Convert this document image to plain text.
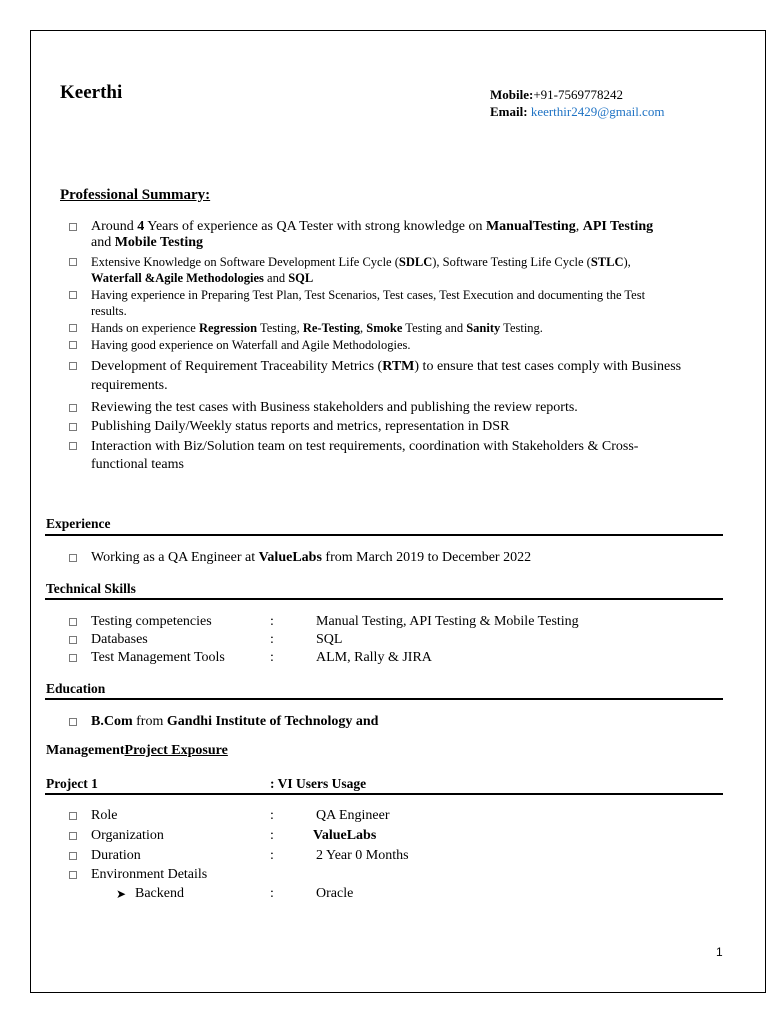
Keerthi	Mobile:+91-7569778242
Email: keerthir2429@gmail.com
Professional Summary:
Around 4 Years of experience as QA Tester with strong knowledge on ManualTesting, API Testing
and Mobile Testing
Extensive Knowledge on Software Development Life Cycle (SDLC), Software Testing Life Cycle (STLC),
Waterfall &Agile Methodologies and SQL
Having experience in Preparing Test Plan, Test Scenarios, Test cases, Test Execution and documenting the Test
results.
Hands on experience Regression Testing, Re-Testing, Smoke Testing and Sanity Testing.
Having good experience on Waterfall and Agile Methodologies.
Development of Requirement Traceability Metrics (RTM) to ensure that test cases comply with Business
requirements.
Reviewing the test cases with Business stakeholders and publishing the review reports.
Publishing Daily/Weekly status reports and metrics, representation in DSR
Interaction with Biz/Solution team on test requirements, coordination with Stakeholders & Cross-
functional teams
Experience
Working as a QA Engineer at ValueLabs from March 2019 to December 2022
Technical Skills
Testing competencies	:	Manual Testing, API Testing & Mobile Testing
Databases	:	SQL
Test Management Tools	:	ALM, Rally & JIRA
Education
B.Com from Gandhi Institute of Technology and
ManagementProject Exposure
Project 1	: VI Users Usage
Role	:	QA Engineer
Organization	:	ValueLabs
Duration	:	2 Year 0 Months
Environment Details
➤ Backend	:	Oracle
1
